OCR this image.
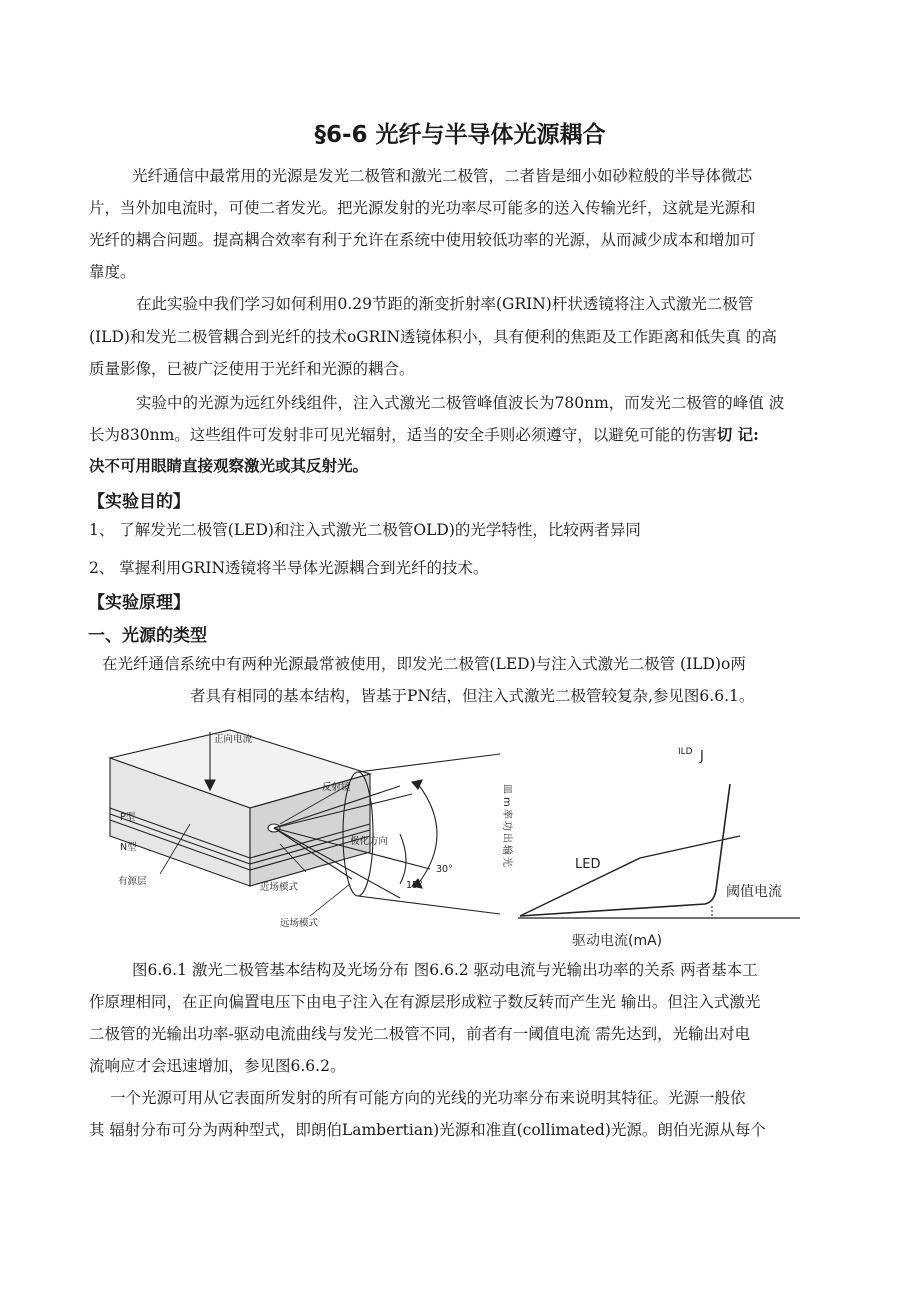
§6-6 光纤与半导体光源耦合
光纤通信中最常用的光源是发光二极管和激光二极管，二者皆是细小如砂粒般的半导体微芯
片，当外加电流时，可使二者发光。把光源发射的光功率尽可能多的送入传输光纤，这就是光源和
光纤的耦合问题。提高耦合效率有利于允许在系统中使用较低功率的光源，从而减少成本和增加可
靠度。
在此实验中我们学习如何利用0.29节距的渐变折射率(GRIN)杆状透镜将注入式激光二极管
(ILD)和发光二极管耦合到光纤的技术oGRIN透镜体积小，具有便利的焦距及工作距离和低失真 的高
质量影像，已被广泛使用于光纤和光源的耦合。
实验中的光源为远红外线组件，注入式激光二极管峰值波长为780nm，而发光二极管的峰值 波
长为830nm。这些组件可发射非可见光辐射，适当的安全手则必须遵守，以避免可能的伤害切 记:
决不可用眼睛直接观察激光或其反射光。
【实验目的】
1、 了解发光二极管(LED)和注入式激光二极管OLD)的光学特性，比较两者异同
2、 掌握利用GRIN透镜将半导体光源耦合到光纤的技术。
【实验原理】
一、光源的类型
在光纤通信系统中有两种光源最常被使用，即发光二极管(LED)与注入式激光二极管 (ILD)o两
者具有相同的基本结构，皆基于PN结，但注入式激光二极管较复杂,参见图6.6.1。
正向电流
反射镜
P型
N型
有源层
近场模式
远场模式
极化方向
30°
15°
ILD J
LED
阈值电流
驱动电流(mA)
皿
m
率
功
出
输
光
图6.6.1 激光二极管基本结构及光场分布 图6.6.2 驱动电流与光输出功率的关系 两者基本工
作原理相同，在正向偏置电压下由电子注入在有源层形成粒子数反转而产生光 输出。但注入式激光
二极管的光输出功率-驱动电流曲线与发光二极管不同，前者有一阈值电流 需先达到，光输出对电
流响应才会迅速增加，参见图6.6.2。
一个光源可用从它表面所发射的所有可能方向的光线的光功率分布来说明其特征。光源一般依
其 辐射分布可分为两种型式，即朗伯Lambertian)光源和准直(collimated)光源。朗伯光源从每个
